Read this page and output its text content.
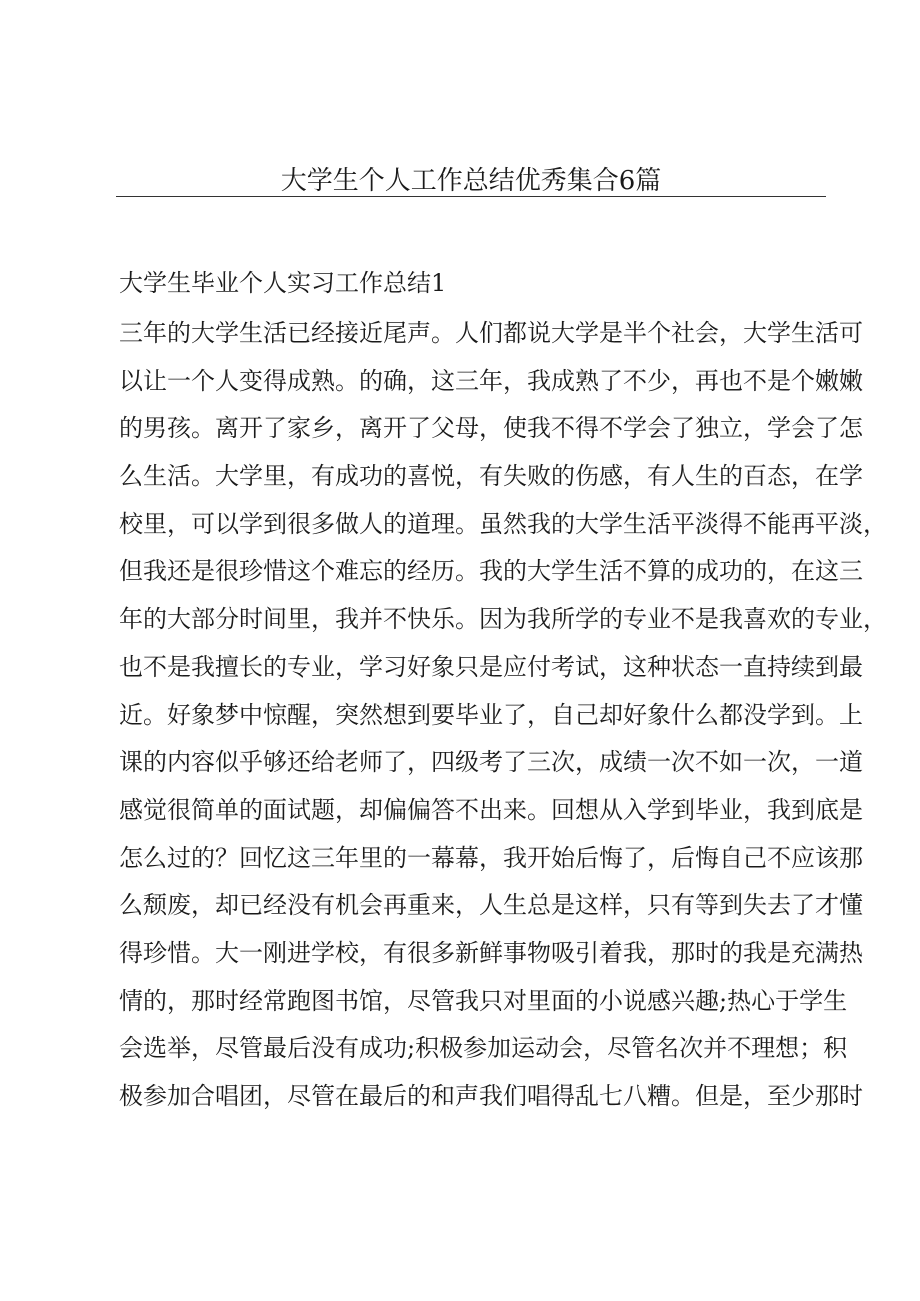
大学生个人工作总结优秀集合6篇
大学生毕业个人实习工作总结1
三年的大学生活已经接近尾声。人们都说大学是半个社会，大学生活可
以让一个人变得成熟。的确，这三年，我成熟了不少，再也不是个嫩嫩
的男孩。离开了家乡，离开了父母，使我不得不学会了独立，学会了怎
么生活。大学里，有成功的喜悦，有失败的伤感，有人生的百态，在学
校里，可以学到很多做人的道理。虽然我的大学生活平淡得不能再平淡，
但我还是很珍惜这个难忘的经历。我的大学生活不算的成功的，在这三
年的大部分时间里，我并不快乐。因为我所学的专业不是我喜欢的专业，
也不是我擅长的专业，学习好象只是应付考试，这种状态一直持续到最
近。好象梦中惊醒，突然想到要毕业了，自己却好象什么都没学到。上
课的内容似乎够还给老师了，四级考了三次，成绩一次不如一次，一道
感觉很简单的面试题，却偏偏答不出来。回想从入学到毕业，我到底是
怎么过的？回忆这三年里的一幕幕，我开始后悔了，后悔自己不应该那
么颓废，却已经没有机会再重来，人生总是这样，只有等到失去了才懂
得珍惜。大一刚进学校，有很多新鲜事物吸引着我，那时的我是充满热
情的，那时经常跑图书馆，尽管我只对里面的小说感兴趣;热心于学生
会选举，尽管最后没有成功;积极参加运动会，尽管名次并不理想；积
极参加合唱团，尽管在最后的和声我们唱得乱七八糟。但是，至少那时
